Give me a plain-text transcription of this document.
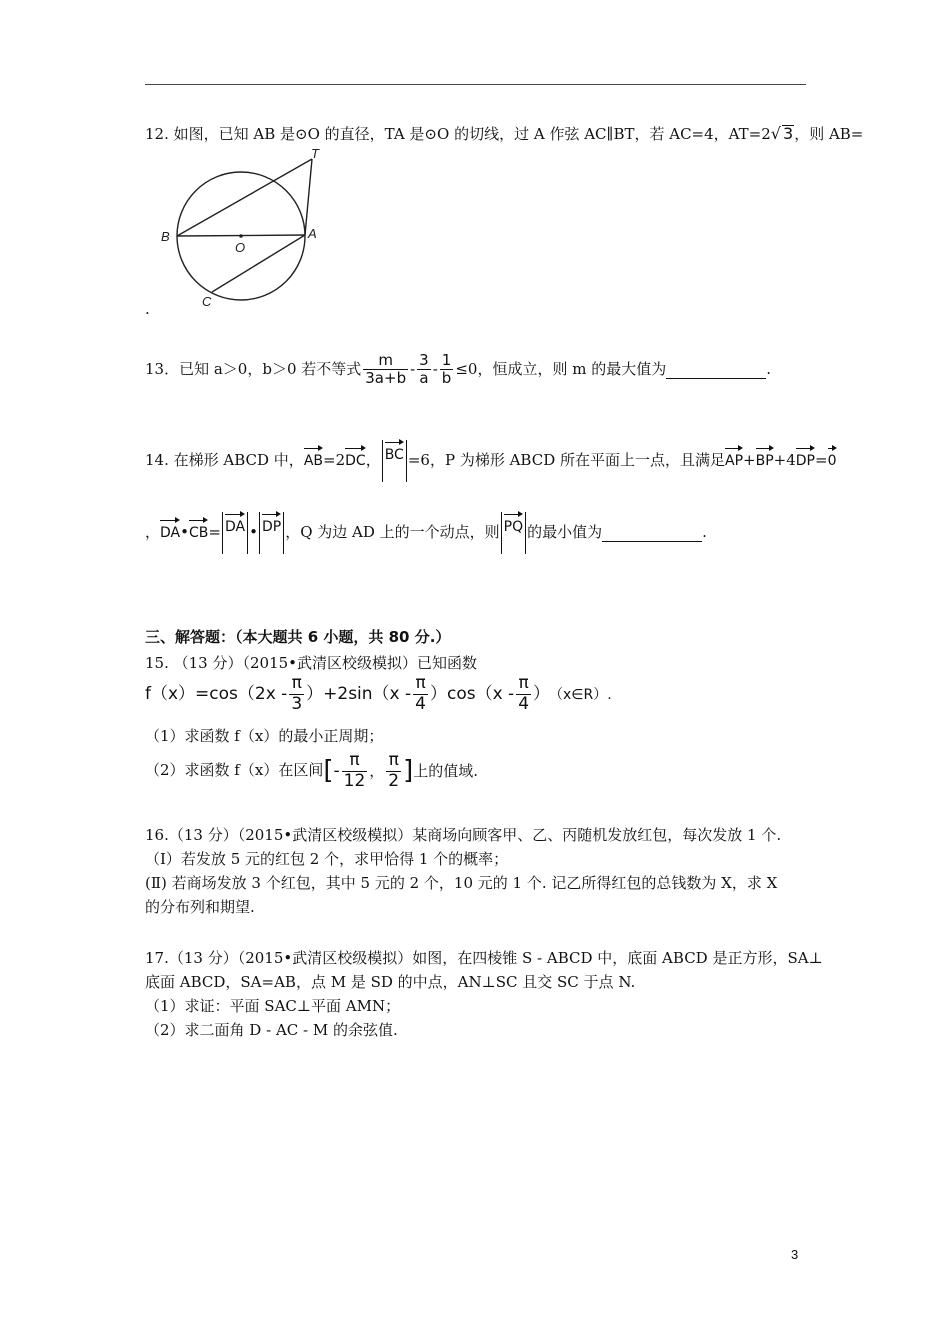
12. 如图，已知 AB 是⊙O 的直径，TA 是⊙O 的切线，过 A 作弦 AC∥BT，若 AC=4，AT=2√ 3，则 AB=
T
B
O
A
C
.
13．已知 a＞0，b＞0 若不等式 $\frac{m}{3a+b} - \frac{3}{a} - \frac{1}{b} \le 0$，恒成立，则 m 的最大值为	.
14. 在梯形 ABCD 中，AB=2DC， BC =6，P 为梯形 ABCD 所在平面上一点，且满足AP+BP+4DP=0
，DA•CB= DA • DP ，Q 为边 AD 上的一个动点，则 PQ 的最小值为	.
三、解答题：（本大题共 6 小题，共 80 分.）
15. （13 分）（2015•武清区校级模拟）已知函数
$f(x)=\cos(2x - \frac{\pi}{3} )+2\sin(x - \frac{\pi}{4} )\cos(x - \frac{\pi}{4}$ ） （x∈R）.
（1）求函数 f（x）的最小正周期；
（2）求函数 f（x）在区间[- $\frac{\pi}{12}$ ， $\frac{\pi}{2}$ ]上的值域.
16.（13 分）（2015•武清区校级模拟）某商场向顾客甲、乙、丙随机发放红包，每次发放 1 个.
（Ⅰ）若发放 5 元的红包 2 个，求甲恰得 1 个的概率；
(Ⅱ) 若商场发放 3 个红包，其中 5 元的 2 个，10 元的 1 个. 记乙所得红包的总钱数为 X，求 X
的分布列和期望.
17.（13 分）（2015•武清区校级模拟）如图，在四棱锥 S - ABCD 中，底面 ABCD 是正方形，SA⊥
底面 ABCD，SA=AB，点 M 是 SD 的中点，AN⊥SC 且交 SC 于点 N.
（1）求证：平面 SAC⊥平面 AMN；
（2）求二面角 D - AC - M 的余弦值.
3
